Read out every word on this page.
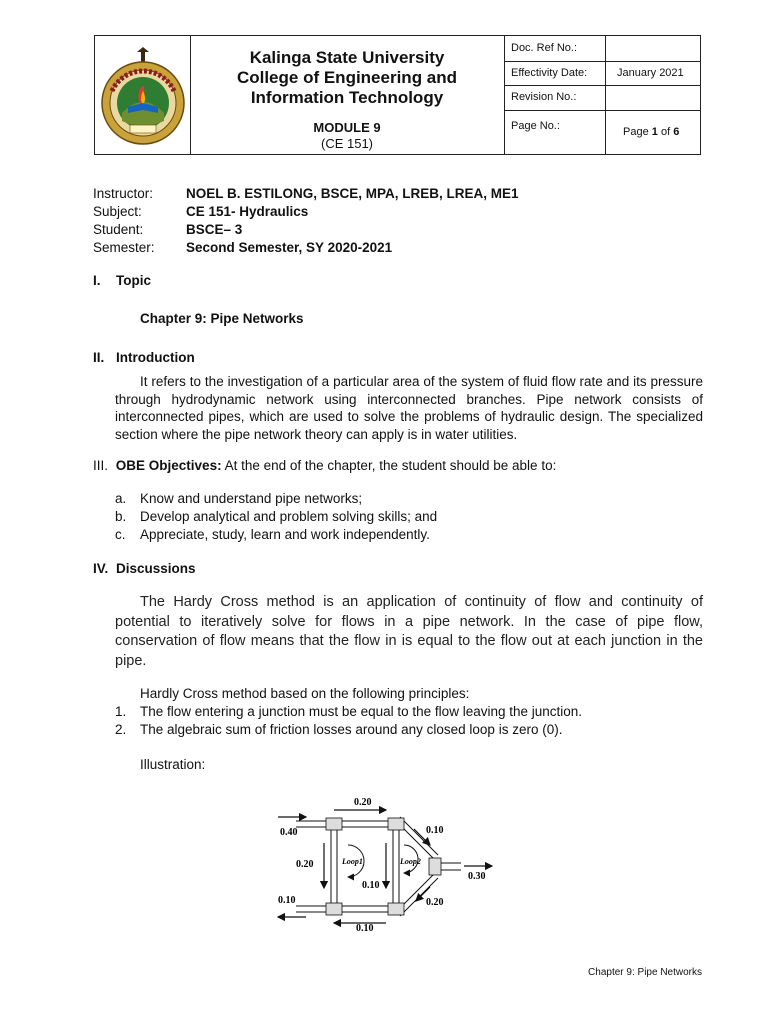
Kalinga State University
College of Engineering and
Information Technology
MODULE 9
(CE 151)
Doc. Ref No.:
Effectivity Date:	January 2021
Revision No.:
Page No.:	Page 1 of 6
Instructor: NOEL B. ESTILONG, BSCE, MPA, LREB, LREA, ME1
Subject:	CE 151- Hydraulics
Student:	BSCE– 3
Semester: Second Semester, SY 2020-2021
I. Topic
Chapter 9: Pipe Networks
II. Introduction
It refers to the investigation of a particular area of the system of fluid flow rate and its pressure through hydrodynamic network using interconnected branches. Pipe network consists of interconnected pipes, which are used to solve the problems of hydraulic design. The specialized section where the pipe network theory can apply is in water utilities.
III. OBE Objectives: At the end of the chapter, the student should be able to:
a. Know and understand pipe networks;
b. Develop analytical and problem solving skills; and
c. Appreciate, study, learn and work independently.
IV. Discussions
The Hardy Cross method is an application of continuity of flow and continuity of potential to iteratively solve for flows in a pipe network. In the case of pipe flow, conservation of flow means that the flow in is equal to the flow out at each junction in the pipe.
Hardly Cross method based on the following principles:
1. The flow entering a junction must be equal to the flow leaving the junction.
2. The algebraic sum of friction losses around any closed loop is zero (0).
Illustration:
0.20
0.40
0.20
0.10
0.10
0.10
0.10
0.20
0.30
Loop1	Loop2
Chapter 9: Pipe Networks
